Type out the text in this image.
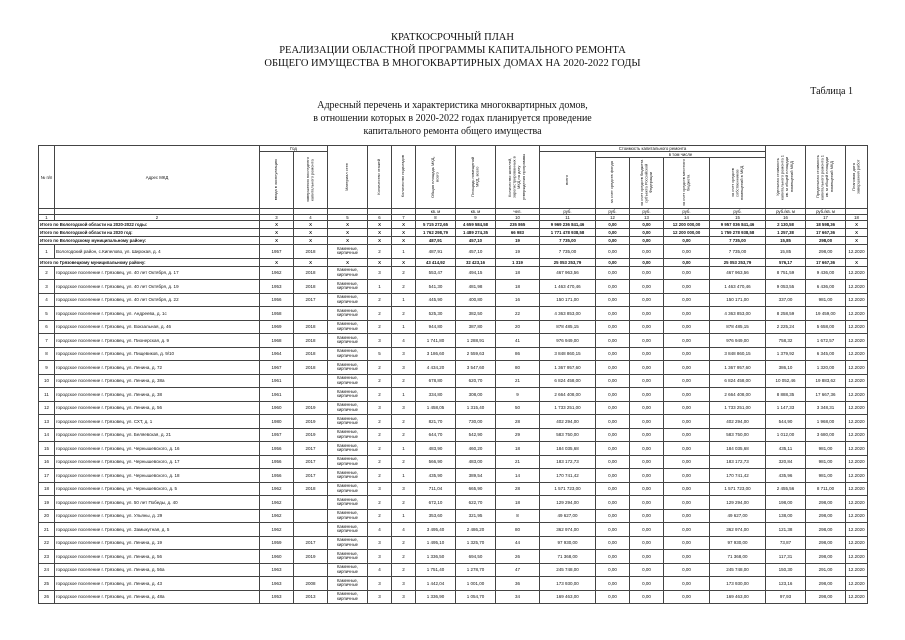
КРАТКОСРОЧНЫЙ ПЛАН
РЕАЛИЗАЦИИ ОБЛАСТНОЙ ПРОГРАММЫ КАПИТАЛЬНОГО РЕМОНТА
ОБЩЕГО ИМУЩЕСТВА В МНОГОКВАРТИРНЫХ ДОМАХ НА 2020-2022 ГОДЫ
Таблица 1
Адресный перечень и характеристика многоквартирных домов,
в отношении которых в 2020-2022 годах планируется проведение
капитального ремонта общего имущества
№ п/п	Адрес МКД	Год		Материал стен	Количество этажей	Количество подъездов	Общая площадь МКД, всего	Площадь помещений МКД, всего	Количество жителей, зарегистрированных в МКД на дату утверждения программы	Стоимость капитального ремонта					Удельная стоимость капитального ремонта 1 кв. м общей площади помещений МКД	Предельная стоимость капитального ремонта 1 кв. м общей площади помещений МКД	Плановая дата завершения работ
		ввода в эксплуатацию	завершения последнего капитального ремонта							всего	в том числе						
											за счет средств фонда	за счет средств бюджета субъекта Российской Федерации	за счет средств местного бюджета	за счет средств собственников помещений в МКД			
							кв. м	кв. м	чел.	руб.	руб.	руб.	руб.	руб.	руб./кв. м	руб./кв. м	
1	2	3	4	5	6	7	8	9	10	11	12	13	14	15	16	17	18
Итого по Вологодской области на 2020-2022 годы:		X	X	X	X	X	5 715 272,65	4 659 584,58	235 865	9 969 236 841,46	0,00	0,00	12 200 000,00	9 957 036 841,46	2 130,58	18 598,36	X
Итого по Вологодской области на 2020 год:		X	X	X	X	X	1 762 298,79	1 489 274,35	66 983	1 771 478 938,58	0,00	0,00	12 200 000,00	1 759 278 938,58	1 257,38	17 667,36	X
Итого по Вологодскому муниципальному району:		X	X	X	X	X	487,91	457,10	19	7 735,00	0,00	0,00	0,00	7 735,00	15,85	298,00	X
1	Вологодский район, с.Кипелово, ул. Широкая, д. 4	1957	2018	Каменные, кирпичные	2	1	487,91	457,10	19	7 735,00	0,00	0,00	0,00	7 735,00	15,85	298,00	12.2020
Итого по Грязовецкому муниципальному району:		X	X	X	X	X	43 414,92	32 423,16	1 319	25 053 253,79	0,00	0,00	0,00	25 053 253,79	576,17	17 667,36	X
2	городское поселение г. Грязовец, ул. 40 лет Октября, д. 17	1962	2018	Каменные, кирпичные	3	2	553,47	494,15	18	467 963,56	0,00	0,00	0,00	467 963,56	8 751,59	9 436,00	12.2020
3	городское поселение г. Грязовец, ул. 40 лет Октября, д. 19	1953	2018	Каменные, кирпичные	1	2	541,30	481,98	18	1 463 470,46	0,00	0,00	0,00	1 463 470,46	9 053,55	6 436,00	12.2020
4	городское поселение г. Грязовец, ул. 40 лет Октября, д. 22	1956	2017	Каменные, кирпичные	2	1	445,90	400,80	16	150 171,00	0,00	0,00	0,00	150 171,00	337,00	981,00	12.2020
5	городское поселение г. Грязовец, ул. Андреева, д. 1с	1958		Каменные, кирпичные	2	2	525,30	382,50	22	4 363 853,00	0,00	0,00	0,00	4 363 853,00	8 258,59	19 459,00	12.2020
6	городское поселение г. Грязовец, ул. Вокзальная, д. 46	1969	2018	Каменные, кирпичные	2	1	944,80	387,80	20	878 485,15	0,00	0,00	0,00	878 485,15	2 225,24	5 658,00	12.2020
7	городское поселение г. Грязовец, ул. Пионерская, д. 9	1968	2018	Каменные, кирпичные	3	4	1 741,80	1 288,91	41	976 949,00	0,00	0,00	0,00	976 949,00	758,32	1 672,57	12.2020
8	городское поселение г. Грязовец, ул. Пищевиков, д. 9/10	1964	2018	Каменные, кирпичные	5	3	3 186,60	2 559,63	86	3 848 860,15	0,00	0,00	0,00	3 848 860,15	1 379,92	6 345,00	12.2020
9	городское поселение г. Грязовец, ул. Ленина, д. 72	1967	2018	Каменные, кирпичные	2	3	4 434,20	3 547,60	80	1 367 957,60	0,00	0,00	0,00	1 367 957,60	386,10	1 320,00	12.2020
10	городское поселение г. Грязовец, ул. Ленина, д. 38а	1961		Каменные, кирпичные	2	2	678,80	620,70	21	6 824 458,00	0,00	0,00	0,00	6 824 458,00	10 052,46	19 883,62	12.2020
11	городское поселение г. Грязовец, ул. Ленина, д. 38	1961		Каменные, кирпичные	2	1	334,80	308,00	9	2 664 408,00	0,00	0,00	0,00	2 664 408,00	8 888,35	17 667,36	12.2020
12	городское поселение г. Грязовец, ул. Ленина, д. 56	1960	2019	Каменные, кирпичные	3	3	1 458,05	1 315,40	50	1 733 251,00	0,00	0,00	0,00	1 733 251,00	1 147,33	3 348,31	12.2020
13	городское поселение г. Грязовец, ул. СХТ, д. 1	1980	2019	Каменные, кирпичные	2	2	821,70	730,00	28	402 294,00	0,00	0,00	0,00	402 294,00	544,90	1 968,00	12.2020
14	городское поселение г. Грязовец, ул. Беляевская, д. 21	1957	2019	Каменные, кирпичные	2	2	644,70	542,90	29	583 750,00	0,00	0,00	0,00	583 750,00	1 012,00	3 680,00	12.2020
15	городское поселение г. Грязовец, ул. Чернышевского, д. 16	1956	2017	Каменные, кирпичные	2	1	483,90	460,20	18	184 035,68	0,00	0,00	0,00	184 035,68	435,11	981,00	12.2020
16	городское поселение г. Грязовец, ул. Чернышевского, д. 17	1956	2017	Каменные, кирпичные	2	2	566,90	483,00	21	183 172,73	0,00	0,00	0,00	183 172,73	320,84	981,00	12.2020
17	городское поселение г. Грязовец, ул. Чернышевского, д. 18	1956	2017	Каменные, кирпичные	2	1	435,90	389,54	14	170 741,42	0,00	0,00	0,00	170 741,42	435,96	981,00	12.2020
18	городское поселение г. Грязовец, ул. Чернышевского, д. 5	1962	2018	Каменные, кирпичные	3	3	711,04	665,90	28	1 571 723,00	0,00	0,00	0,00	1 571 723,00	2 455,56	8 711,00	12.2020
19	городское поселение г. Грязовец, ул. 50 лет Победы, д. 40	1962		Каменные, кирпичные	2	2	672,10	622,70	18	129 294,00	0,00	0,00	0,00	129 294,00	198,00	298,00	12.2020
20	городское поселение г. Грязовец, ул. Ульяны, д. 29	1962		Каменные, кирпичные	2	1	353,60	321,95	8	49 627,00	0,00	0,00	0,00	49 627,00	138,00	298,00	12.2020
21	городское поселение г. Грязовец, ул. Замыкутная, д. 5	1962		Каменные, кирпичные	4	4	3 495,40	2 486,20	80	362 974,00	0,00	0,00	0,00	362 974,00	121,38	298,00	12.2020
22	городское поселение г. Грязовец, ул. Ленина, д. 19	1959	2017	Каменные, кирпичные	3	2	1 495,10	1 325,70	44	97 930,00	0,00	0,00	0,00	97 930,00	73,87	298,00	12.2020
23	городское поселение г. Грязовец, ул. Ленина, д. 56	1960	2019	Каменные, кирпичные	3	2	1 336,50	694,50	26	71 368,00	0,00	0,00	0,00	71 368,00	117,31	298,00	12.2020
24	городское поселение г. Грязовец, ул. Ленина, д. 56а	1963		Каменные, кирпичные	4	2	1 751,40	1 278,70	47	245 748,00	0,00	0,00	0,00	245 748,00	150,30	291,00	12.2020
25	городское поселение г. Грязовец, ул. Ленина, д. 43	1963	2008	Каменные, кирпичные	3	3	1 442,04	1 001,00	36	173 930,00	0,00	0,00	0,00	173 930,00	123,16	298,00	12.2020
26	городское поселение г. Грязовец, ул. Ленина, д. 48а	1953	2013	Каменные, кирпичные	3	3	1 336,90	1 054,70	34	169 463,00	0,00	0,00	0,00	169 463,00	97,93	298,00	12.2020
